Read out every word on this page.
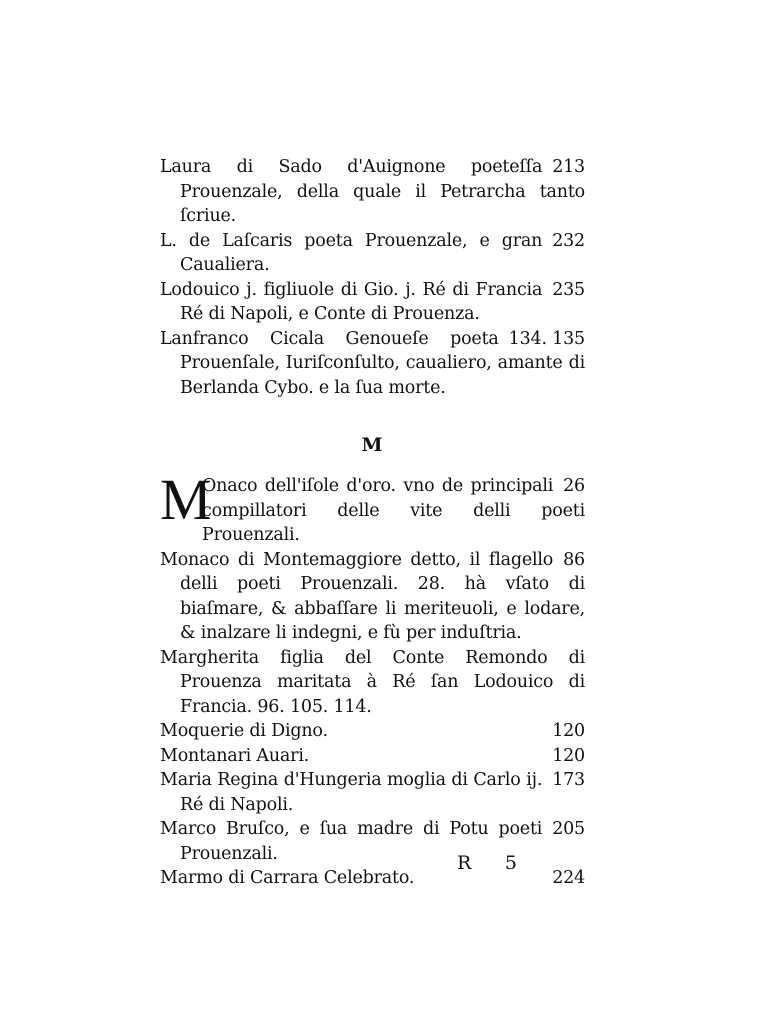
213
Laura di Sado d'Auignone poeteſſa Prouenzale, della quale il Petrarcha tanto ſcriue.
232
L. de Laſcaris poeta Prouenzale, e gran Caualiera.
235
Lodouico j. figliuole di Gio. j. Ré di Francia Ré di Napoli, e Conte di Prouenza.
134. 135
Lanfranco Cicala Genoueſe poeta Prouenſale, Iuriſconſulto, caualiero, amante di Berlanda Cybo. e la ſua morte.
M
M	26
Onaco dell'iſole d'oro. vno de principali compillatori delle vite delli poeti Prouenzali.
86
Monaco di Montemaggiore detto, il flagello delli poeti Prouenzali. 28. hà vſato di biaſmare, & abbaſſare li meriteuoli, e lodare, & inalzare li indegni, e fù per induſtria.
Margherita figlia del Conte Remondo di Prouenza maritata à Ré ſan Lodouico di Francia. 96. 105. 114.
120
Moquerie di Digno.
120
Montanari Auari.
173
Maria Regina d'Hungeria moglia di Carlo ij. Ré di Napoli.
205
Marco Bruſco, e ſua madre di Potu poeti Prouenzali.
224
Marmo di Carrara Celebrato.
R 5
